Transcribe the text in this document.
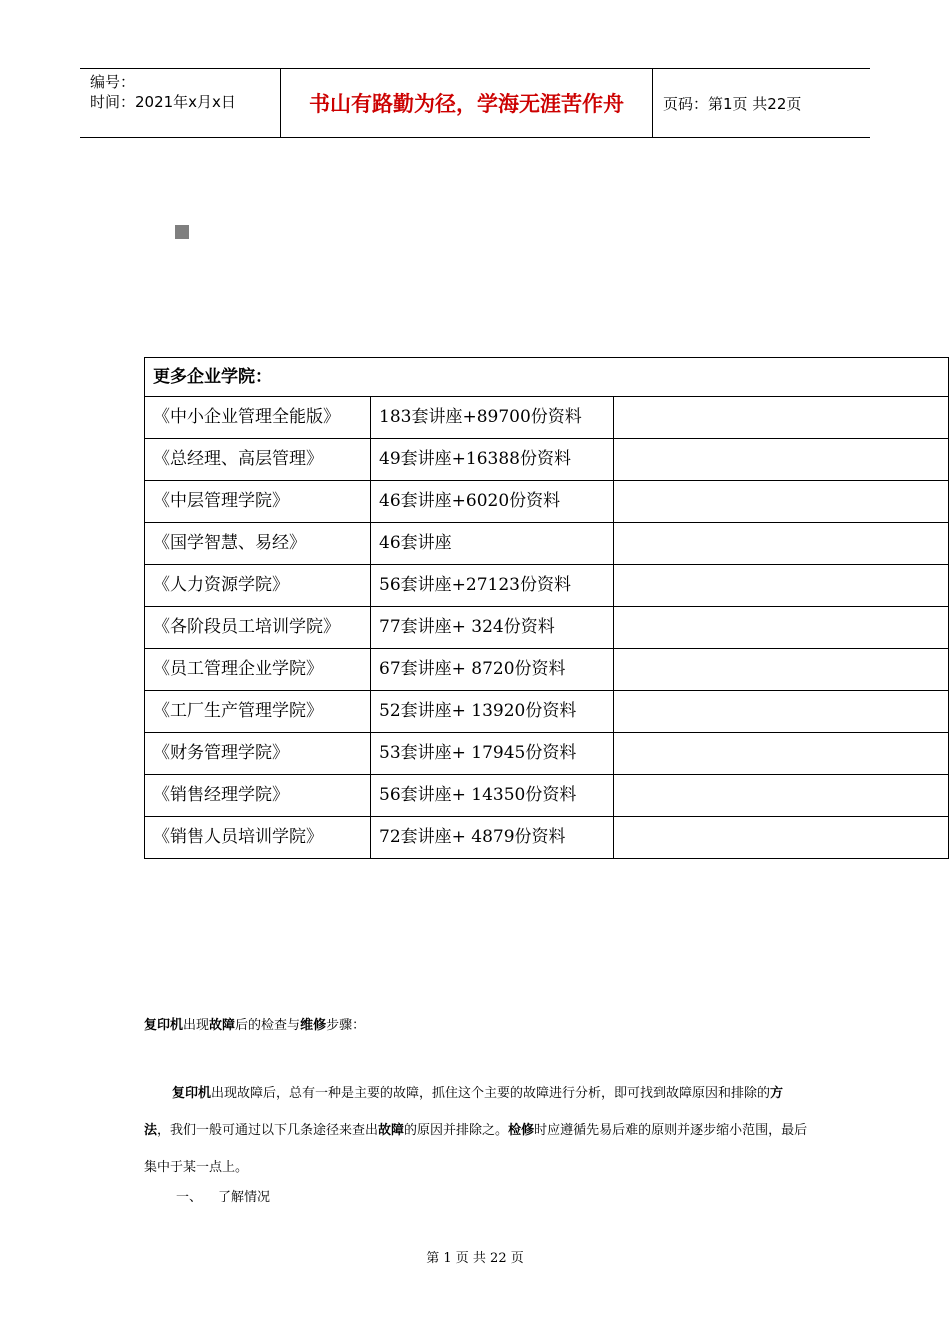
编号：
时间：2021年x月x日	书山有路勤为径，学海无涯苦作舟	页码：第1页 共22页
更多企业学院：		
《中小企业管理全能版》	183套讲座+89700份资料	
《总经理、高层管理》	49套讲座+16388份资料	
《中层管理学院》	46套讲座+6020份资料	
《国学智慧、易经》	46套讲座	
《人力资源学院》	56套讲座+27123份资料	
《各阶段员工培训学院》	77套讲座+ 324份资料	
《员工管理企业学院》	67套讲座+ 8720份资料	
《工厂生产管理学院》	52套讲座+ 13920份资料	
《财务管理学院》	53套讲座+ 17945份资料	
《销售经理学院》	56套讲座+ 14350份资料	
《销售人员培训学院》	72套讲座+ 4879份资料	
复印机出现故障后的检查与维修步骤：
复印机出现故障后，总有一种是主要的故障，抓住这个主要的故障进行分析，即可找到故障原因和排除的方法，我们一般可通过以下几条途径来查出故障的原因并排除之。检修时应遵循先易后难的原则并逐步缩小范围，最后集中于某一点上。
一、 了解情况
第 1 页 共 22 页
